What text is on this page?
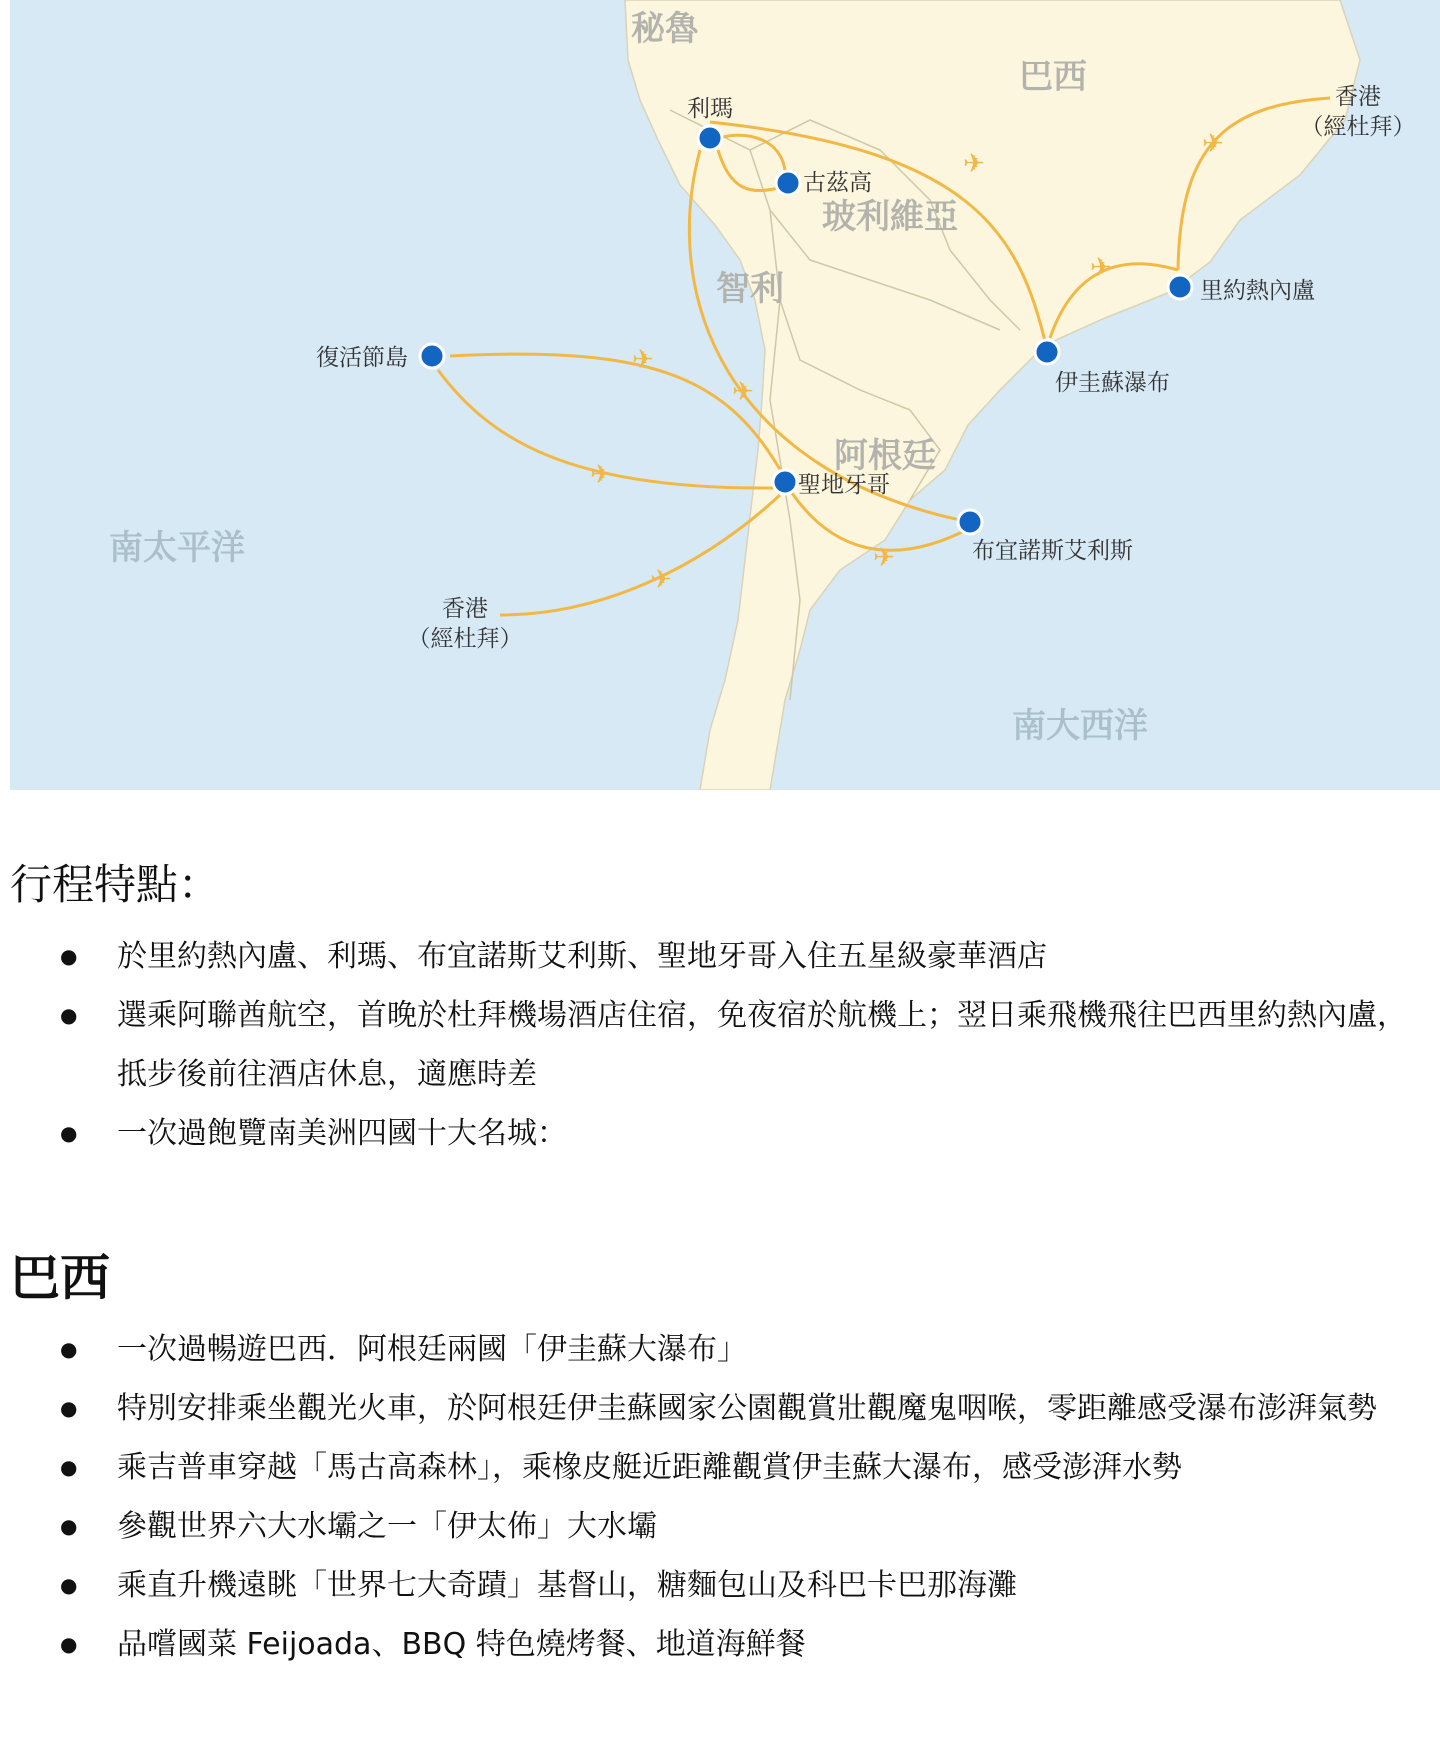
秘魯
巴西
玻利維亞
智利
阿根廷
南太平洋
南大西洋
✈
✈
✈
✈
✈
✈
✈
✈
利瑪
古茲高
里約熱內盧
伊圭蘇瀑布
復活節島
聖地牙哥
布宜諾斯艾利斯
香港
（經杜拜）
香港
（經杜拜）
行程特點：
● 於里約熱內盧、利瑪、布宜諾斯艾利斯、聖地牙哥入住五星級豪華酒店
● 選乘阿聯酋航空，首晚於杜拜機場酒店住宿，免夜宿於航機上；翌日乘飛機飛往巴西里約熱內盧，抵步後前往酒店休息，適應時差
● 一次過飽覽南美洲四國十大名城：
巴西
● 一次過暢遊巴西．阿根廷兩國「伊圭蘇大瀑布」
● 特別安排乘坐觀光火車，於阿根廷伊圭蘇國家公園觀賞壯觀魔鬼咽喉，零距離感受瀑布澎湃氣勢
● 乘吉普車穿越「馬古高森林」，乘橡皮艇近距離觀賞伊圭蘇大瀑布，感受澎湃水勢
● 參觀世界六大水壩之一「伊太佈」大水壩
● 乘直升機遠眺「世界七大奇蹟」基督山，糖麵包山及科巴卡巴那海灘
● 品嚐國菜 Feijoada、BBQ 特色燒烤餐、地道海鮮餐
